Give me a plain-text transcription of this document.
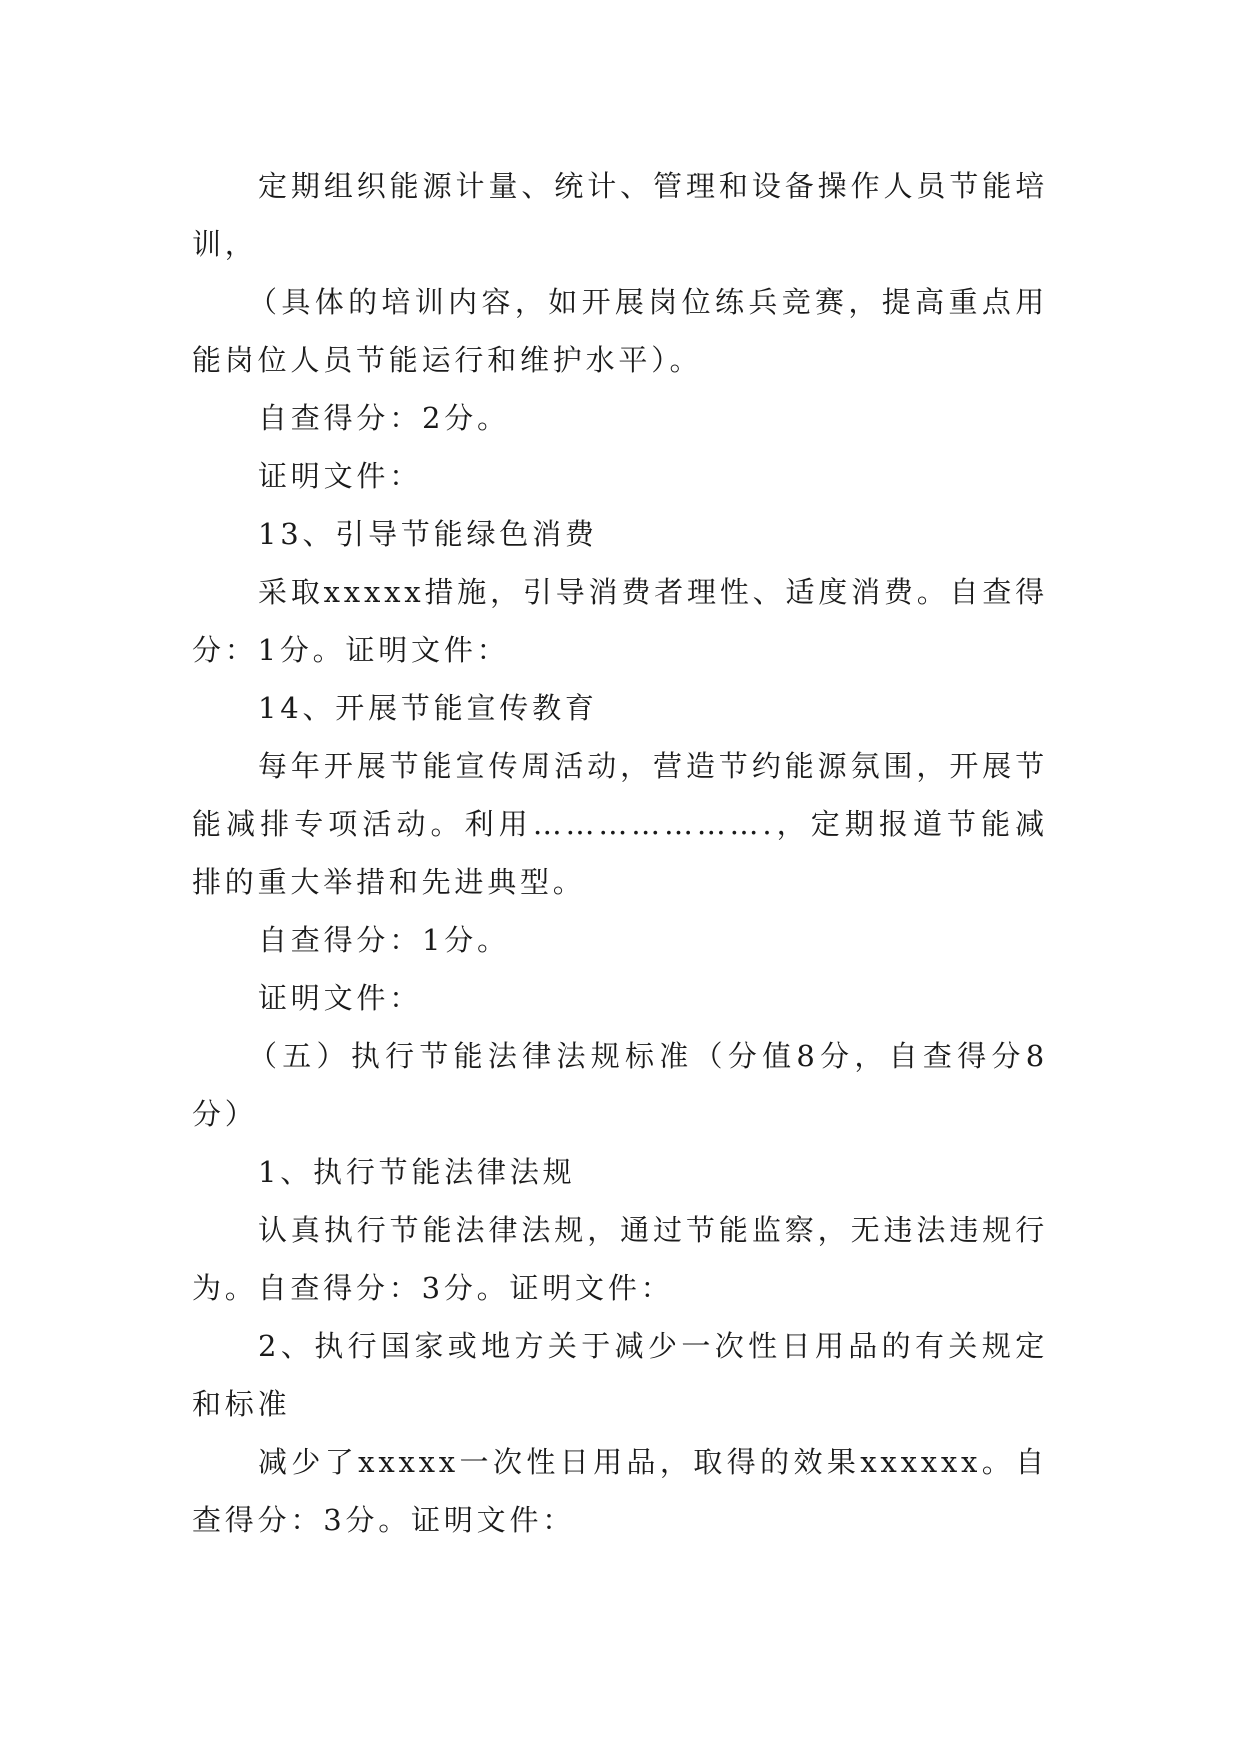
定期组织能源计量、统计、管理和设备操作人员节能培训，

（具体的培训内容，如开展岗位练兵竞赛，提高重点用能岗位人员节能运行和维护水平）。

自查得分：2分。

证明文件：

13、引导节能绿色消费

采取xxxxx措施，引导消费者理性、适度消费。自查得分：1分。证明文件：

14、开展节能宣传教育

每年开展节能宣传周活动，营造节约能源氛围，开展节能减排专项活动。利用………………….，定期报道节能减排的重大举措和先进典型。

自查得分：1分。

证明文件：

（五）执行节能法律法规标准（分值8分，自查得分8分）

1、执行节能法律法规

认真执行节能法律法规，通过节能监察，无违法违规行为。自查得分：3分。证明文件：

2、执行国家或地方关于减少一次性日用品的有关规定和标准

减少了xxxxx一次性日用品，取得的效果xxxxxx。自查得分：3分。证明文件：
